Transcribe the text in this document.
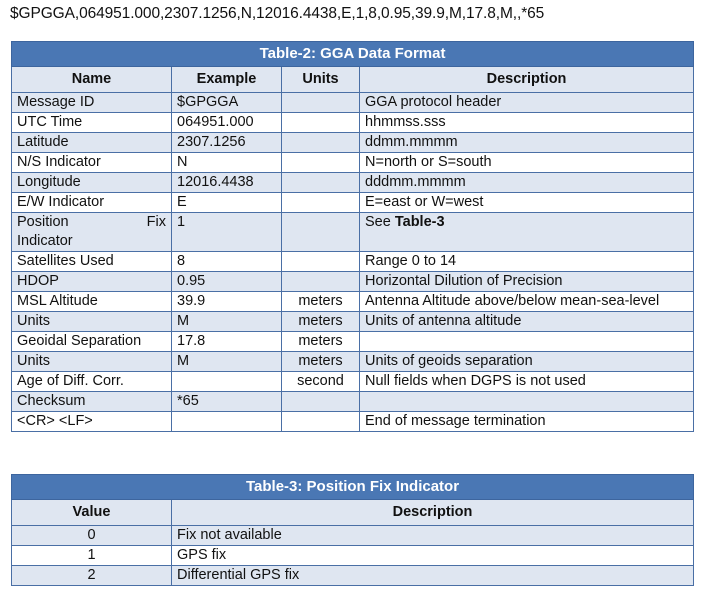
$GPGGA,064951.000,2307.1256,N,12016.4438,E,1,8,0.95,39.9,M,17.8,M,,*65
Table-2: GGA Data Format			
Name	Example	Units	Description
Message ID	$GPGGA		GGA protocol header
UTC Time	064951.000		hhmmss.sss
Latitude	2307.1256		ddmm.mmmm
N/S Indicator	N		N=north or S=south
Longitude	12016.4438		dddmm.mmmm
E/W Indicator	E		E=east or W=west

Position Fix
Indicator	1		See Table-3
Satellites Used	8		Range 0 to 14
HDOP	0.95		Horizontal Dilution of Precision
MSL Altitude	39.9	meters	Antenna Altitude above/below mean-sea-level
Units	M	meters	Units of antenna altitude
Geoidal Separation	17.8	meters	
Units	M	meters	Units of geoids separation
Age of Diff. Corr.		second	Null fields when DGPS is not used
Checksum	*65		
<CR> <LF>			End of message termination
Table-3: Position Fix Indicator	
Value	Description
0	Fix not available
1	GPS fix
2	Differential GPS fix
